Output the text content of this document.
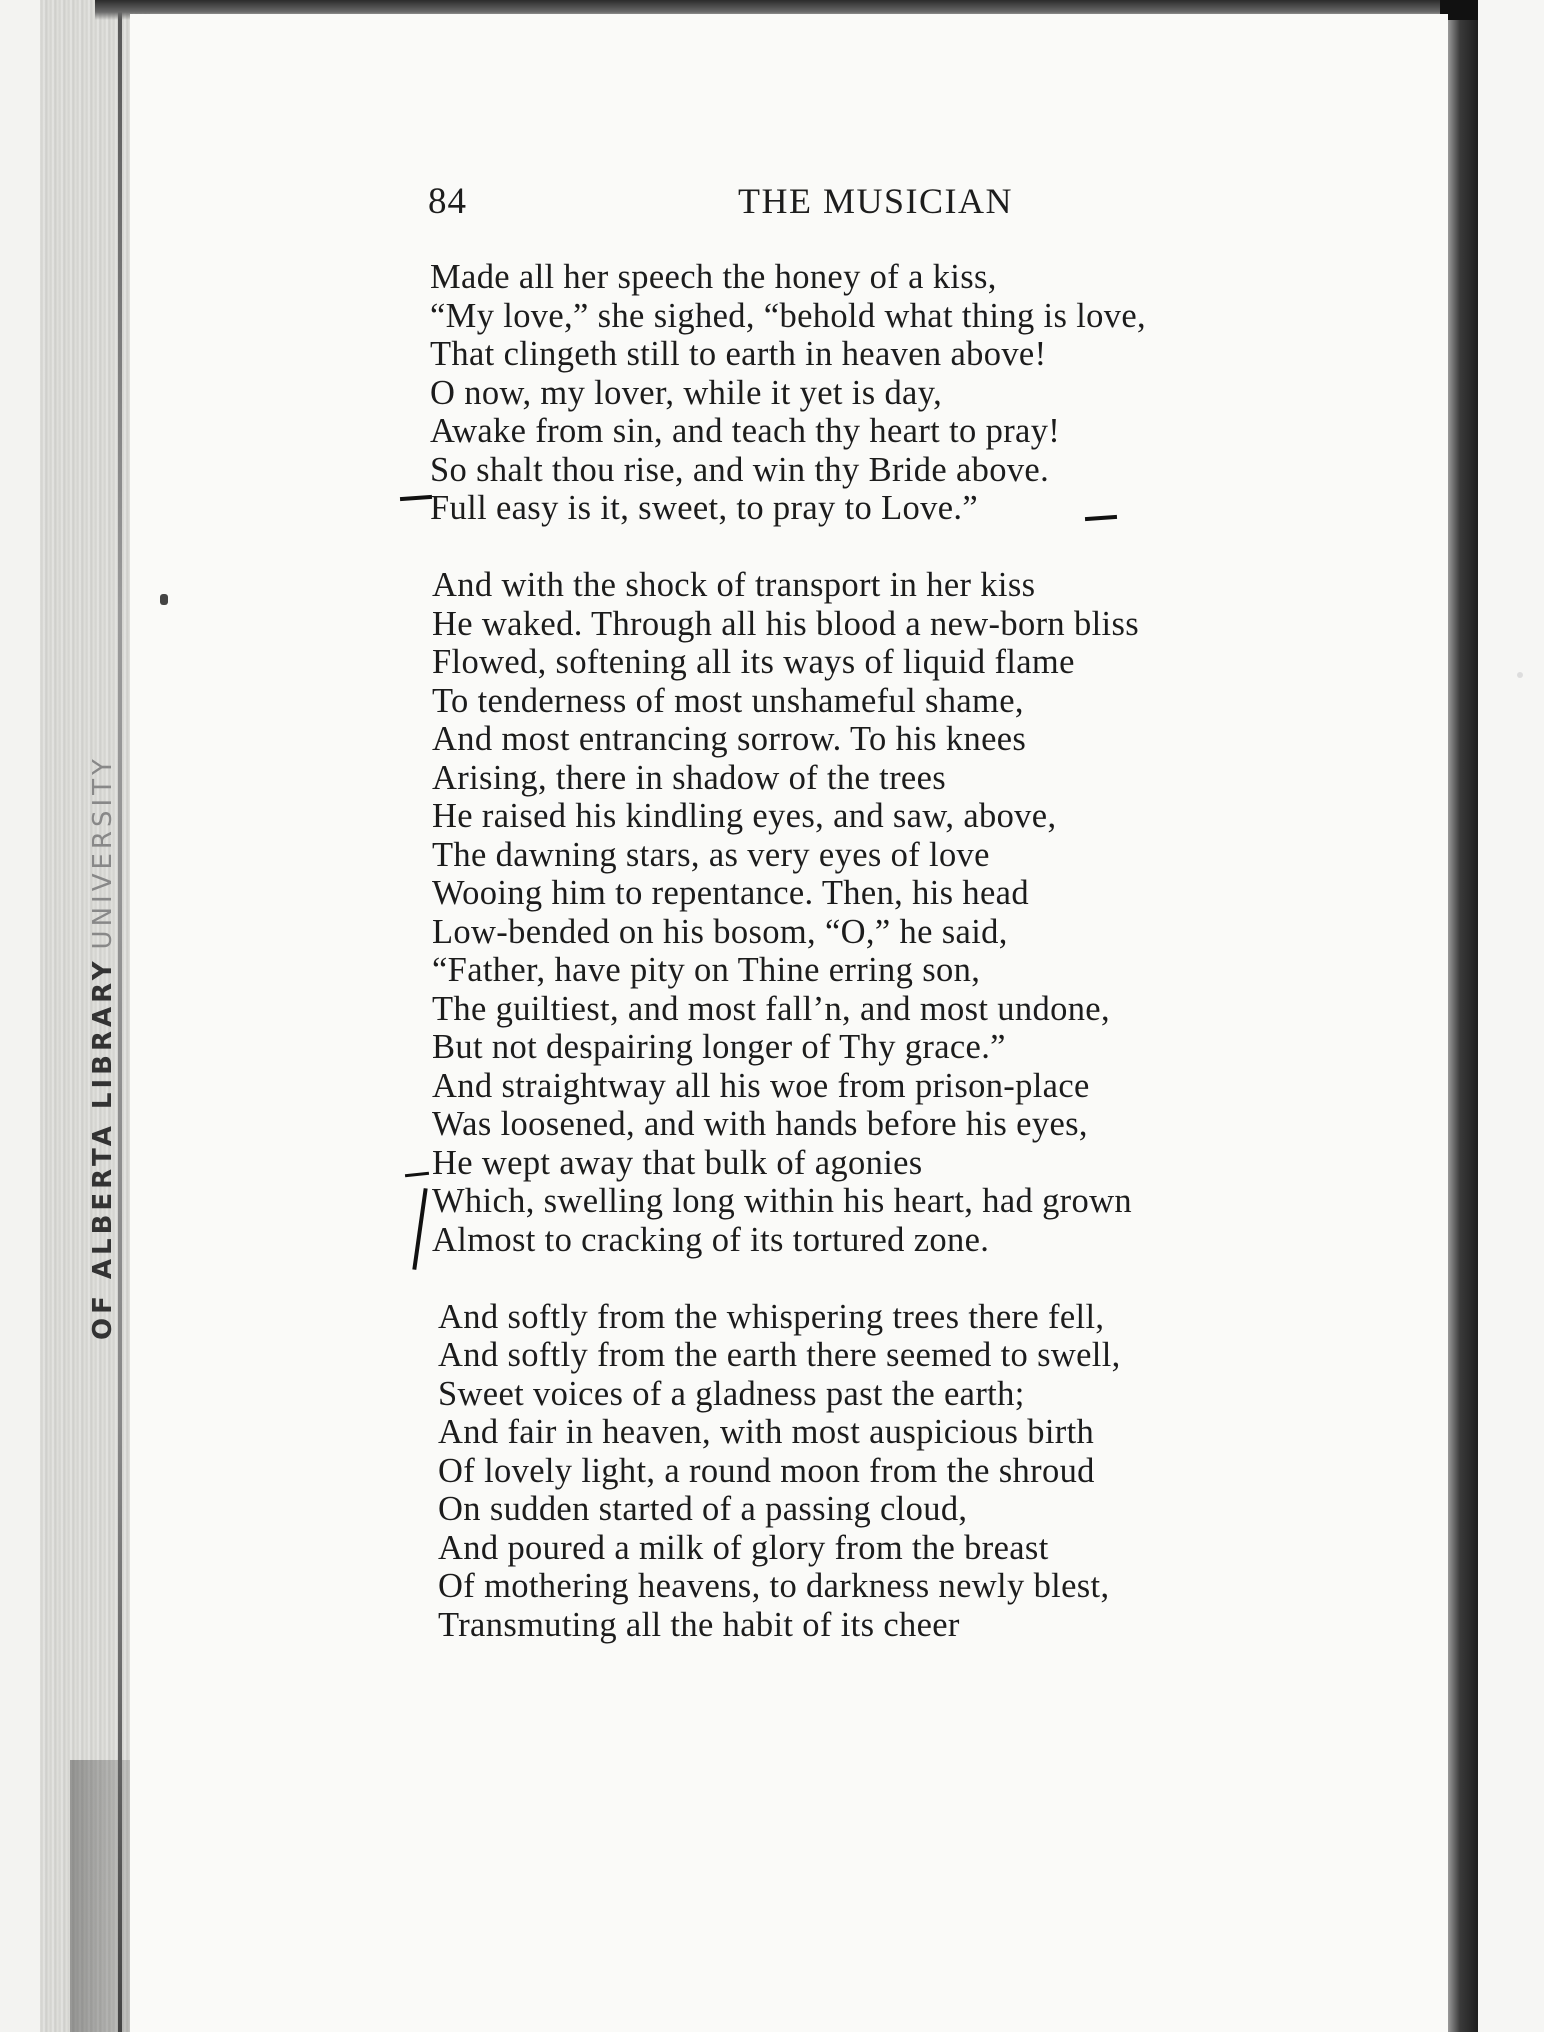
OF ALBERTA LIBRARYUNIVERSITY
84	THE MUSICIAN
Made all her speech the honey of a kiss,
“My love,” she sighed, “behold what thing is love,
That clingeth still to earth in heaven above!
O now, my lover, while it yet is day,
Awake from sin, and teach thy heart to pray!
So shalt thou rise, and win thy Bride above.
Full easy is it, sweet, to pray to Love.”
And with the shock of transport in her kiss
He waked. Through all his blood a new-born bliss
Flowed, softening all its ways of liquid flame
To tenderness of most unshameful shame,
And most entrancing sorrow. To his knees
Arising, there in shadow of the trees
He raised his kindling eyes, and saw, above,
The dawning stars, as very eyes of love
Wooing him to repentance. Then, his head
Low-bended on his bosom, “O,” he said,
“Father, have pity on Thine erring son,
The guiltiest, and most fall’n, and most undone,
But not despairing longer of Thy grace.”
And straightway all his woe from prison-place
Was loosened, and with hands before his eyes,
He wept away that bulk of agonies
Which, swelling long within his heart, had grown
Almost to cracking of its tortured zone.
And softly from the whispering trees there fell,
And softly from the earth there seemed to swell,
Sweet voices of a gladness past the earth;
And fair in heaven, with most auspicious birth
Of lovely light, a round moon from the shroud
On sudden started of a passing cloud,
And poured a milk of glory from the breast
Of mothering heavens, to darkness newly blest,
Transmuting all the habit of its cheer
